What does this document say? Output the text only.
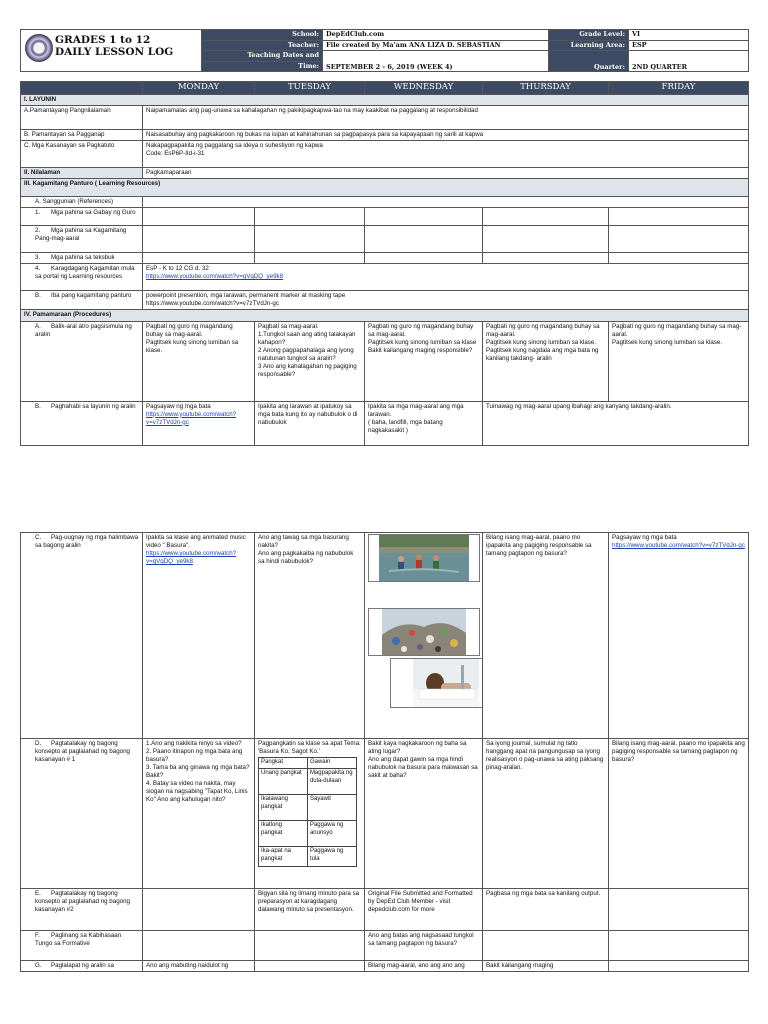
GRADES 1 to 12
DAILY LESSON LOG	School:	DepEdClub.com	Grade Level:	VI
	Teacher:	File created by Ma'am ANA LIZA D. SEBASTIAN	Learning Area:	ESP
	Teaching Dates and	SEPTEMBER 2 - 6, 2019 (WEEK 4)	Quarter:	2ND QUARTER
	Time:			
	MONDAY	TUESDAY	WEDNESDAY	THURSDAY	FRIDAY
I. LAYUNIN					
A.Pamantayang Pangnilalaman	Naipamamalas ang pag-unawa sa kahalagahan ng pakikipagkapwa-tao na may kaakibat na paggalang at responsibilidad				
B. Pamantayan sa Pagganap	Naisasabuhay ang pagkakaroon ng bukas na isipan at kahinahunan sa pagpapasya para sa kapayapaan ng sarili at kapwa				
C. Mga Kasanayan sa Pagkatuto	Nakapagpapakita ng paggalang sa ideya o suhestiyon ng kapwa
Code: EsP6P-IId-i-31				

II. Nilalaman	Pagkamaparaan				
III. Kagamitang Panturo ( Learning Resources)					
A. Sanggunian (References)					
1. Mga pahina sa Gabay ng Guro					
2. Mga pahina sa Kagamitang Pang-mag-aaral					
3. Mga pahina sa teksbuk					
4. Karagdagang Kagamitan mula sa portal ng Learning resources	EsP - K to 12 CG d. 32
https://www.youtube.com/watch?v=gVqDQ_ye9k8				
B. Iba pang kagamitang panturo	powerpoint presention, mga larawan, permanent marker at masking tape
https://www.youtube.com/watch?v=v7zTVdJn-gc				

IV. Pamamaraan (Procedures)					
A. Balik-aral at/o pagsisimula ng aralin	Pagbati ng guro ng magandang buhay sa mag-aaral.
Pagtitsek kung sinong lumiban sa klase.	Pagbati sa mag-aaral.
1.Tungkol saan ang ating talakayan kahapon?
2 Anong pagpapahalaga ang iyong natutunan tungkol sa aralin?
3 Ano ang kahalagahan ng pagiging responsable?	Pagbati ng guro ng magandang buhay sa mag-aaral.
Pagtitsek kung sinong lumiban sa klase
Bakit kailangang maging responsible?	Pagbati ng guro ng magandang buhay sa mag-aaral.
Pagtitsek kung sinong lumiban sa klase.
Pagtitsek kung nagdala ang mga bata ng kanilang takdang- aralin	Pagbati ng guro ng magandang buhay sa mag-aaral.
Pagtitsek kung sinong lumiban sa klase.
B. Paghahabi sa layunin ng aralin	Pagsayaw ng mga bata
https://www.youtube.com/watch?v=v7zTVdJn-gc	Ipakita ang larawan at ipatukoy sa mga bata kung ito ay nabubulok o di nabubulok	Ipakita sa mga mag-aaral ang mga larawan.
( baha, landfill, mga batang nagkakasakit )	Tumawag ng mag-aaral upang ibahagi ang kanyang takdang-aralin.	
C. Pag-uugnay ng mga halimbawa sa bagong aralin	
Ipakita sa klase ang animated music video " Basura".
https://www.youtube.com/watch?v=gVqDQ_ye9k8	Ano ang tawag sa mga basurang nakita?
Ano ang pagkakaiba ng nabubulok sa hindi nabubulok?	
	Bilang isang mag-aaral, paano mo ipapakita ang pagiging responsable sa tamang pagtapon ng basura?	
Pagsayaw ng mga bata
https://www.youtube.com/watch?v=v7zTVdJn-gc
D. Pagtatalakay ng bagong konsepto at paglalahad ng bagong kasanayan # 1	1.Ano ang nakikita ninyo sa video?
2. Paano itinapon ng mga bata ang basura?
3. Tama ba ang ginawa ng mga bata? Bakit?
4. Batay sa video na nakita, may slogan na nagsabing "Tapat Ko, Linis Ko" Ano ang kahulugan nito?	
Pagpangkatin sa klase sa apat Tema:
'Basura Ko, Sagot Ko.'
Pangkat	Gawain
Unang pangkat	Magpapakita ng dula-dulaan
Ikalawang pangkat	Sayawit
Ikatlong pangkat	Paggawa ng anunsyo
Ika-apat na pangkat	Paggawa ng tula
	Bakit kaya nagkakaroon ng baha sa ating lugar?
Ano ang dapat gawin sa mga hindi nabubulok na basura para maiwasan sa sakit at baha?	Sa iyong journal, sumulat ng tatlo hanggang apat na pangungusap sa iyong realisasyon o pag-unawa sa ating paksang pinag-aralan.	Bilang isang mag-aaral, paano mo ipapakita ang pagiging responsable sa tamang pagtapon ng basura?
E. Pagtatalakay ng bagong konsepto at paglalahad ng bagong kasanayan #2		Bigyan sila ng limang minuto para sa preparasyon at karagdagang dalawang minuto sa presentasyon.	Original File Submitted and Formatted by DepEd Club Member - visit depedclub.com for more	Pagbasa ng mga bata sa kanilang output.	
F. Paglinang sa Kabihasaan Tungo sa Formative			Ano ang batas ang nagsasaad tungkol sa tamang pagtapon ng basura?		
G. Paglalapat ng aralin sa	Ano ang mabuting naidulot ng		Bilang mag-aaral, ano ang ano ang	Bakit kailangang maging	
